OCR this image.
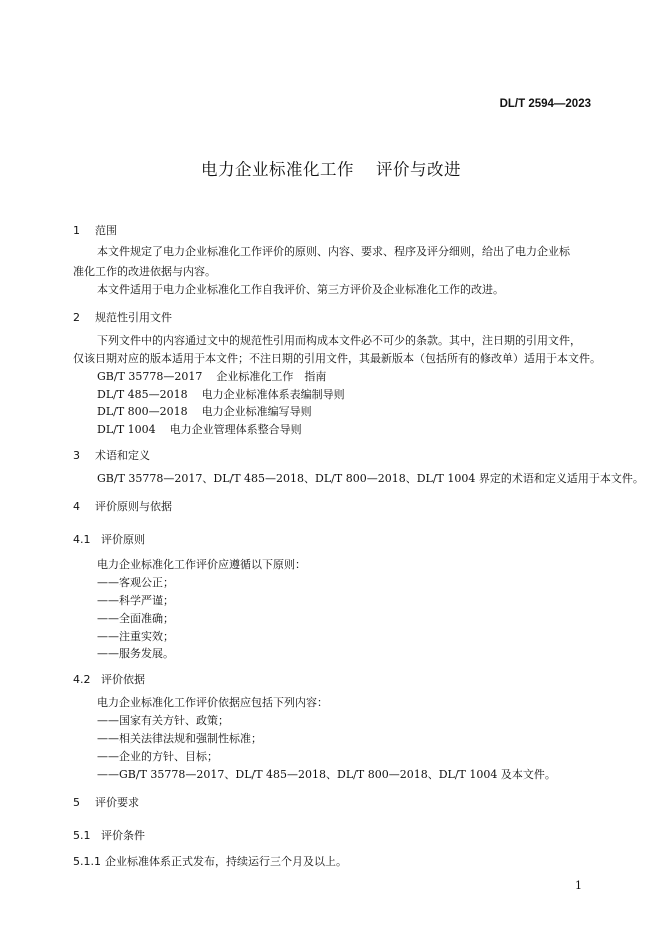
DL/T 2594—2023
电力企业标准化工作 评价与改进
1 范围
本文件规定了电力企业标准化工作评价的原则、内容、要求、程序及评分细则，给出了电力企业标
准化工作的改进依据与内容。
本文件适用于电力企业标准化工作自我评价、第三方评价及企业标准化工作的改进。
2 规范性引用文件
下列文件中的内容通过文中的规范性引用而构成本文件必不可少的条款。其中，注日期的引用文件，
仅该日期对应的版本适用于本文件；不注日期的引用文件，其最新版本（包括所有的修改单）适用于本文件。
GB/T 35778—2017 企业标准化工作　指南
DL/T 485—2018 电力企业标准体系表编制导则
DL/T 800—2018 电力企业标准编写导则
DL/T 1004 电力企业管理体系整合导则
3 术语和定义
GB/T 35778—2017、DL/T 485—2018、DL/T 800—2018、DL/T 1004 界定的术语和定义适用于本文件。
4 评价原则与依据
4.1 评价原则
电力企业标准化工作评价应遵循以下原则：
——客观公正；
——科学严谨；
——全面准确；
——注重实效；
——服务发展。
4.2 评价依据
电力企业标准化工作评价依据应包括下列内容：
——国家有关方针、政策；
——相关法律法规和强制性标准；
——企业的方针、目标；
——GB/T 35778—2017、DL/T 485—2018、DL/T 800—2018、DL/T 1004 及本文件。
5 评价要求
5.1 评价条件
5.1.1 企业标准体系正式发布，持续运行三个月及以上。
1
